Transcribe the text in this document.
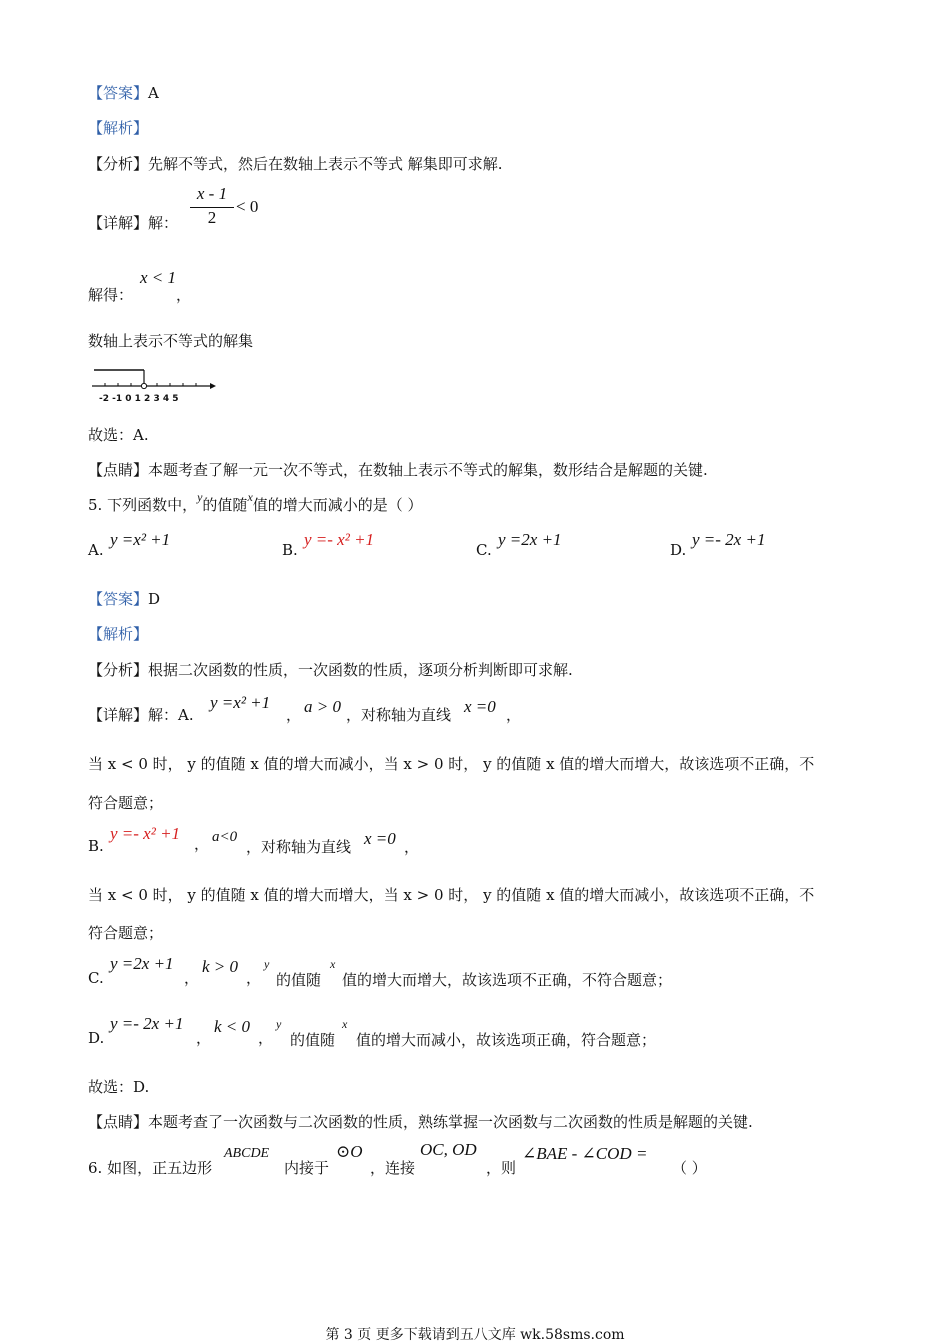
【答案】A
【解析】
【分析】先解不等式，然后在数轴上表示不等式 解集即可求解.
【详解】解：
x - 1
2
< 0
解得：
x < 1
，
数轴上表示不等式的解集
-2 -1 0 1 2 3 4 5
故选：A.
【点睛】本题考查了解一元一次不等式，在数轴上表示不等式的解集，数形结合是解题的关键.
5. 下列函数中，$^y$的值随$^x$值的增大而减小的是（ ）
A.
y =x² +1
B.
y =- x² +1
C.
y =2x +1
D.
y =- 2x +1
【答案】D
【解析】
【分析】根据二次函数的性质，一次函数的性质，逐项分析判断即可求解.
【详解】解：A.
y =x² +1
， a > 0 ，对称轴为直线 x =0 ，
当 x < 0 时， y 的值随 x 值的增大而减小，当 x > 0 时， y 的值随 x 值的增大而增大，故该选项不正确，不
符合题意；
B.
y =- x² +1
， a<0
，对称轴为直线 x =0 ，
当 x < 0 时， y 的值随 x 值的增大而增大，当 x > 0 时， y 的值随 x 值的增大而减小，故该选项不正确，不
符合题意；
C.
y =2x +1
，
k > 0
，
y
的值随
x
值的增大而增大，故该选项不正确，不符合题意；
D.
y =- 2x +1
，
k < 0
，
y
的值随
x
值的增大而减小，故该选项正确，符合题意；
故选：D.
【点睛】本题考查了一次函数与二次函数的性质，熟练掌握一次函数与二次函数的性质是解题的关键.
6. 如图，正五边形
ABCDE
内接于
⊙O
，连接
OC, OD
，则
∠BAE - ∠COD =
（ ）
第 3 页 更多下载请到五八文库 wk.58sms.com
